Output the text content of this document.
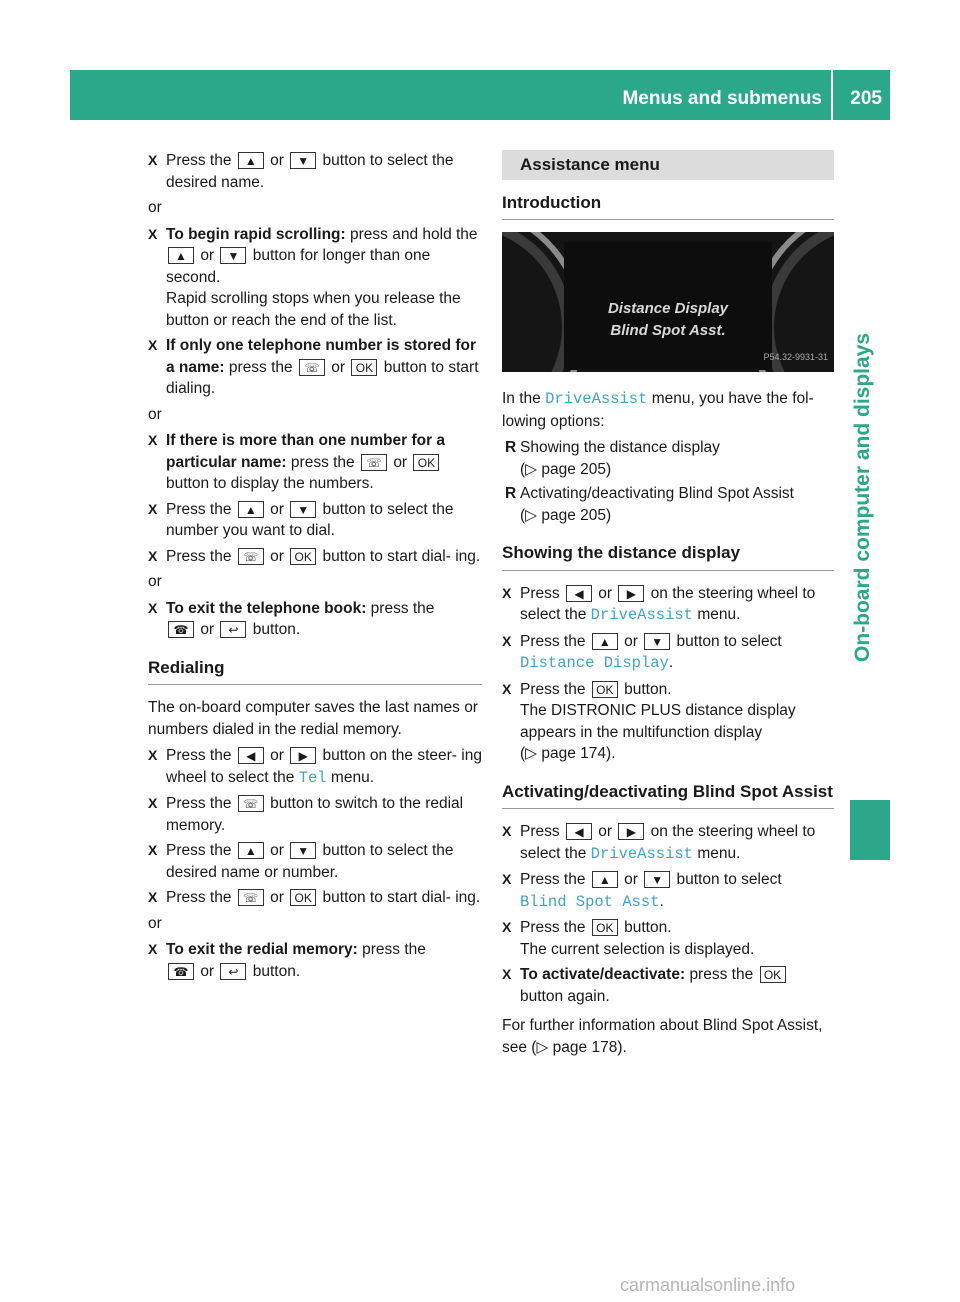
Menus and submenus 205
On-board computer and displays
X Press the ▲ or ▼ button to select the desired name.
or
X To begin rapid scrolling: press and hold the ▲ or ▼ button for longer than one second.
Rapid scrolling stops when you release the button or reach the end of the list.
X If only one telephone number is stored for a name: press the ☏ or OK button to start dialing.
or
X If there is more than one number for a particular name: press the ☏ or OK button to display the numbers.
X Press the ▲ or ▼ button to select the number you want to dial.
X Press the ☏ or OK button to start dial- ing.
or
X To exit the telephone book: press the
☎ or ↩ button.
Redialing
The on-board computer saves the last names or numbers dialed in the redial memory.
X Press the ◀ or ▶ button on the steer- ing wheel to select the Tel menu.
X Press the ☏ button to switch to the redial memory.
X Press the ▲ or ▼ button to select the desired name or number.
X Press the ☏ or OK button to start dial- ing.
or
X To exit the redial memory: press the
☎ or ↩ button.
Assistance menu
Introduction
Distance Display
Blind Spot Asst.
P54.32-9931-31
In the DriveAssist menu, you have the fol- lowing options:
R Showing the distance display
(▷ page 205)
R Activating/deactivating Blind Spot Assist
(▷ page 205)
Showing the distance display
X Press ◀ or ▶ on the steering wheel to select the DriveAssist menu.
X Press the ▲ or ▼ button to select
Distance Display.
X Press the OK button.
The DISTRONIC PLUS distance display appears in the multifunction display
(▷ page 174).
Activating/deactivating Blind Spot Assist
X Press ◀ or ▶ on the steering wheel to select the DriveAssist menu.
X Press the ▲ or ▼ button to select
Blind Spot Asst.
X Press the OK button.
The current selection is displayed.
X To activate/deactivate: press the OK
button again.
For further information about Blind Spot Assist, see (▷ page 178).
carmanualsonline.info
